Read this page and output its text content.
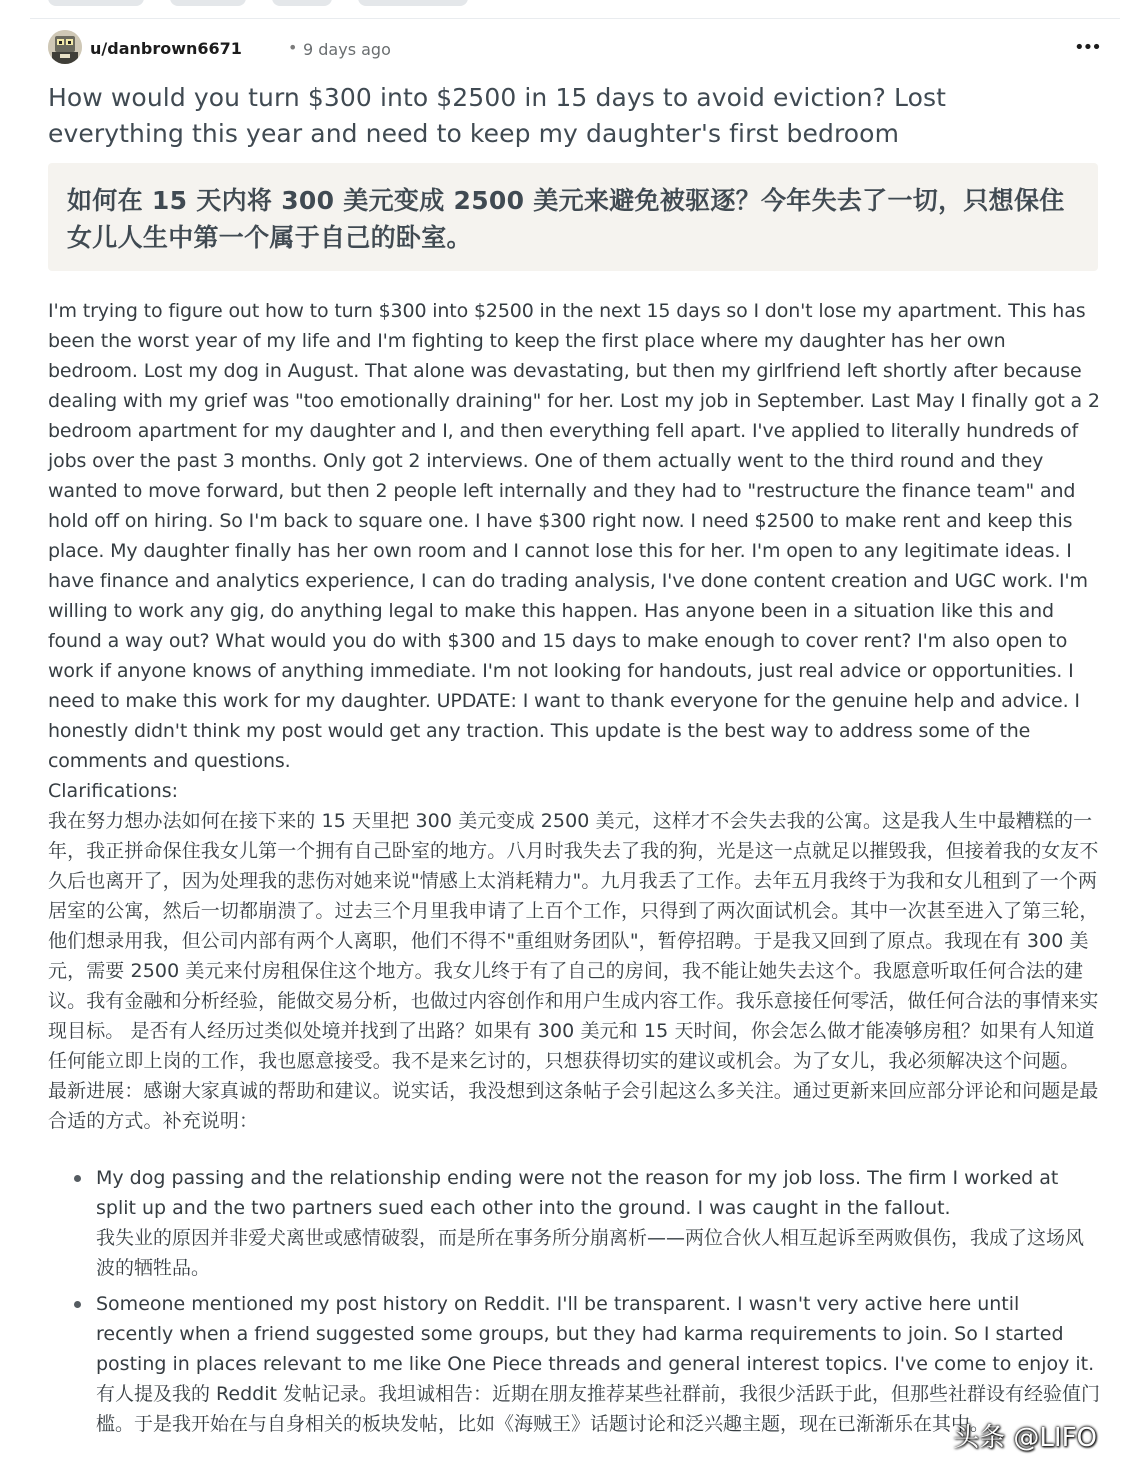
u/danbrown6671	• 9 days ago	•••
How would you turn $300 into $2500 in 15 days to avoid eviction? Lost everything this year and need to keep my daughter's first bedroom
如何在 15 天内将 300 美元变成 2500 美元来避免被驱逐？今年失去了一切，只想保住女儿人生中第一个属于自己的卧室。

I'm trying to figure out how to turn $300 into $2500 in the next 15 days so I don't lose my apartment. This has been the worst year of my life and I'm fighting to keep the first place where my daughter has her own bedroom. Lost my dog in August. That alone was devastating, but then my girlfriend left shortly after because dealing with my grief was "too emotionally draining" for her. Lost my job in September. Last May I finally got a 2 bedroom apartment for my daughter and I, and then everything fell apart. I've applied to literally hundreds of jobs over the past 3 months. Only got 2 interviews. One of them actually went to the third round and they wanted to move forward, but then 2 people left internally and they had to "restructure the finance team" and hold off on hiring. So I'm back to square one. I have $300 right now. I need $2500 to make rent and keep this place. My daughter finally has her own room and I cannot lose this for her. I'm open to any legitimate ideas. I have finance and analytics experience, I can do trading analysis, I've done content creation and UGC work. I'm willing to work any gig, do anything legal to make this happen. Has anyone been in a situation like this and found a way out? What would you do with $300 and 15 days to make enough to cover rent? I'm also open to work if anyone knows of anything immediate. I'm not looking for handouts, just real advice or opportunities. I need to make this work for my daughter. UPDATE: I want to thank everyone for the genuine help and advice. I honestly didn't think my post would get any traction. This update is the best way to address some of the comments and questions.

Clarifications:

我在努力想办法如何在接下来的 15 天里把 300 美元变成 2500 美元，这样才不会失去我的公寓。这是我人生中最糟糕的一年，我正拼命保住我女儿第一个拥有自己卧室的地方。八月时我失去了我的狗，光是这一点就足以摧毁我，但接着我的女友不久后也离开了，因为处理我的悲伤对她来说"情感上太消耗精力"。九月我丢了工作。去年五月我终于为我和女儿租到了一个两居室的公寓，然后一切都崩溃了。过去三个月里我申请了上百个工作，只得到了两次面试机会。其中一次甚至进入了第三轮，他们想录用我，但公司内部有两个人离职，他们不得不"重组财务团队"，暂停招聘。于是我又回到了原点。我现在有 300 美元，需要 2500 美元来付房租保住这个地方。我女儿终于有了自己的房间，我不能让她失去这个。我愿意听取任何合法的建议。我有金融和分析经验，能做交易分析，也做过内容创作和用户生成内容工作。我乐意接任何零活，做任何合法的事情来实现目标。 是否有人经历过类似处境并找到了出路？如果有 300 美元和 15 天时间，你会怎么做才能凑够房租？如果有人知道任何能立即上岗的工作，我也愿意接受。我不是来乞讨的，只想获得切实的建议或机会。为了女儿，我必须解决这个问题。 最新进展：感谢大家真诚的帮助和建议。说实话，我没想到这条帖子会引起这么多关注。通过更新来回应部分评论和问题是最合适的方式。补充说明：

My dog passing and the relationship ending were not the reason for my job loss. The firm I worked at split up and the two partners sued each other into the ground. I was caught in the fallout.

我失业的原因并非爱犬离世或感情破裂，而是所在事务所分崩离析——两位合伙人相互起诉至两败俱伤，我成了这场风波的牺牲品。

Someone mentioned my post history on Reddit. I'll be transparent. I wasn't very active here until recently when a friend suggested some groups, but they had karma requirements to join. So I started posting in places relevant to me like One Piece threads and general interest topics. I've come to enjoy it.

有人提及我的 Reddit 发帖记录。我坦诚相告：近期在朋友推荐某些社群前，我很少活跃于此，但那些社群设有经验值门槛。于是我开始在与自身相关的板块发帖，比如《海贼王》话题讨论和泛兴趣主题，现在已渐渐乐在其中。

头条 @LIFO
